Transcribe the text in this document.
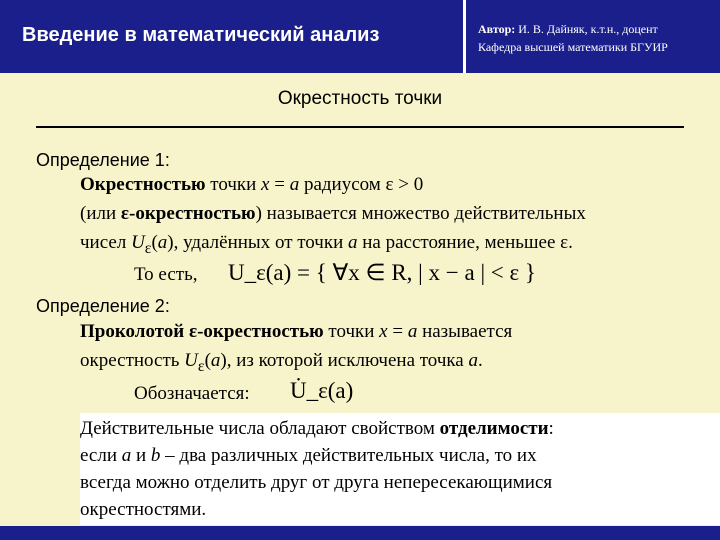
Введение в математический анализ	Автор: И. В. Дайняк, к.т.н., доцент
Кафедра высшей математики БГУИР
Окрестность точки
Определение 1:
Окрестностью точки x = a радиусом ε > 0
(или ε-окрестностью) называется множество действительных
чисел $U_\varepsilon(a)$, удалённых от точки a на расстояние, меньшее ε.
То есть, U_ε(a) = { ∀x ∈ R, | x − a | < ε }
Определение 2:
Проколотой ε-окрестностью точки x = a называется
окрестность $U_\varepsilon(a)$, из которой исключена точка a.
Обозначается: U̇_ε(a)
Действительные числа обладают свойством отделимости:
если a и b – два различных действительных числа, то их
всегда можно отделить друг от друга непересекающимися
окрестностями.
